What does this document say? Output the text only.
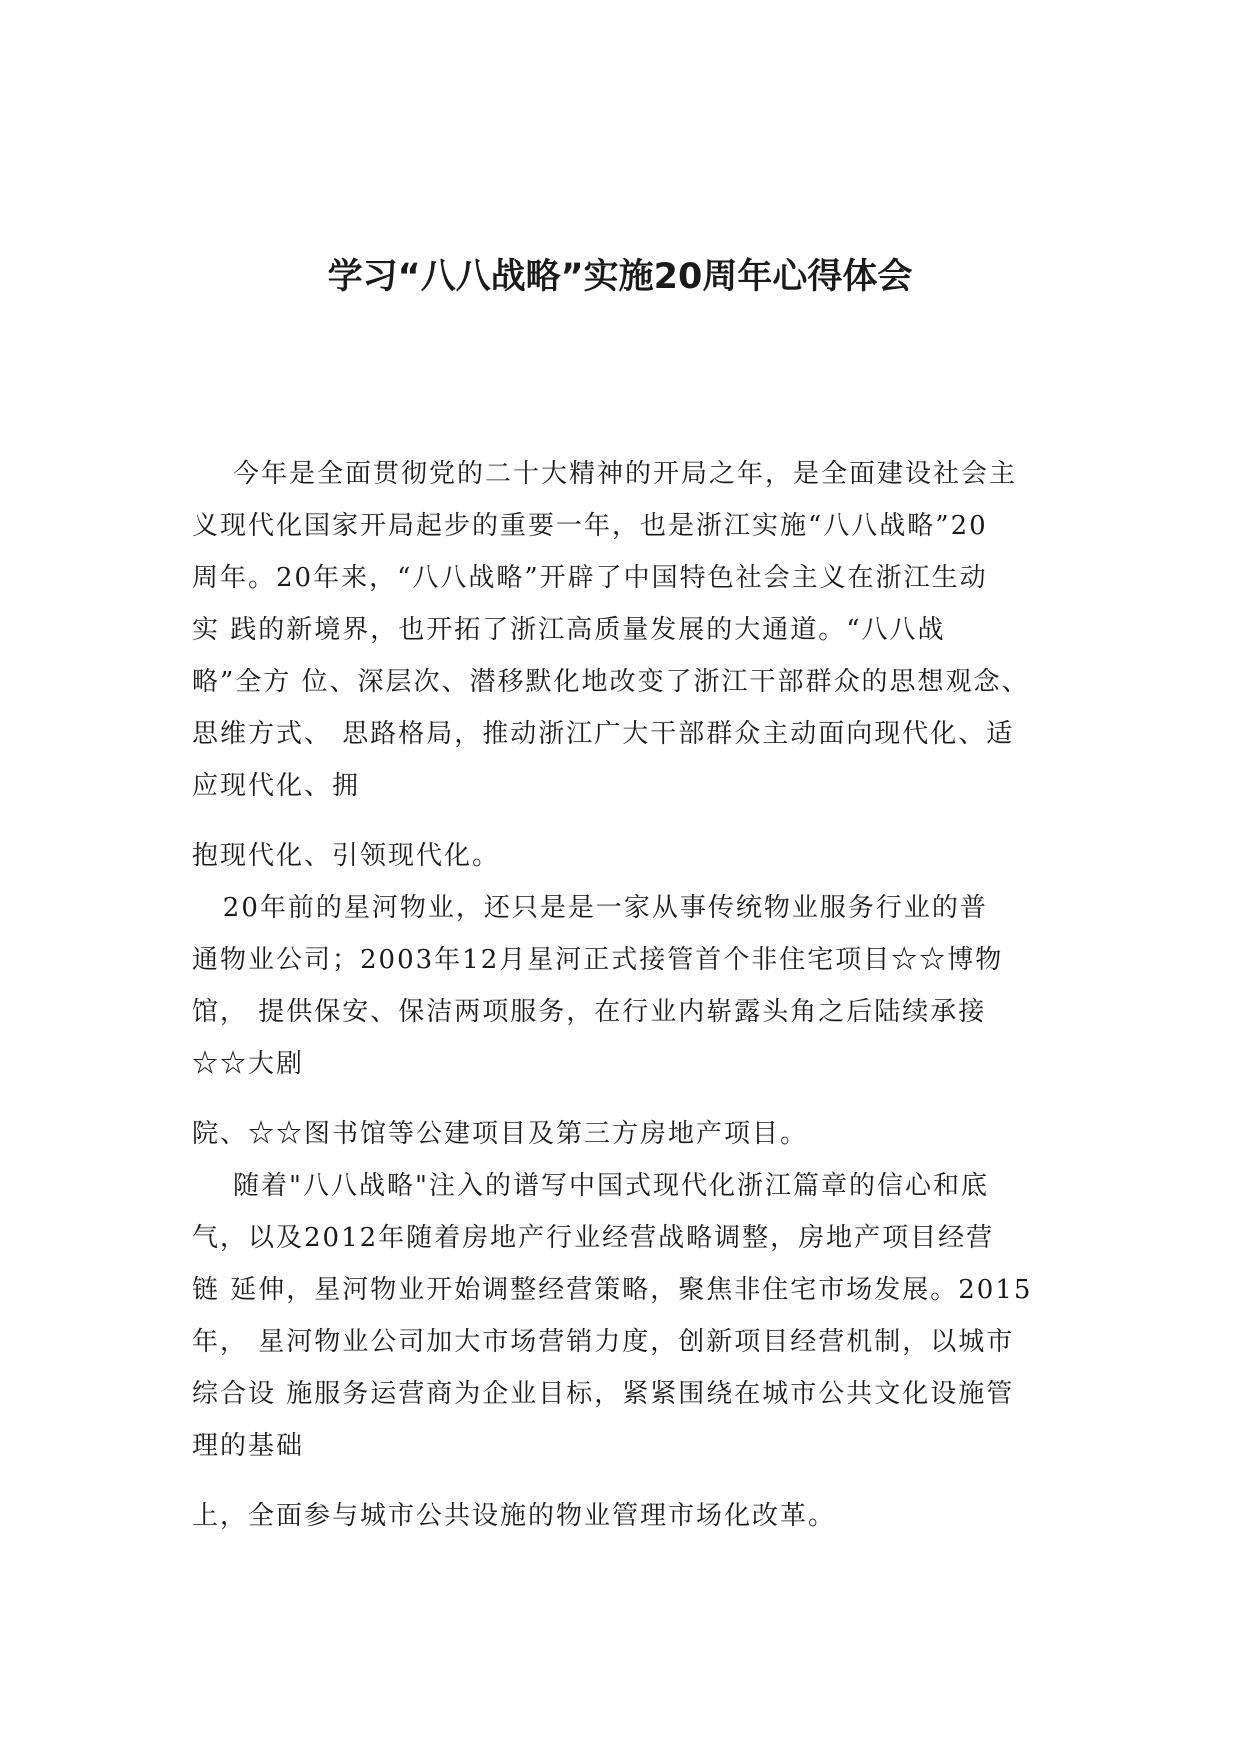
学习“八八战略”实施20周年心得体会
今年是全面贯彻党的二十大精神的开局之年，是全面建设社会主
义现代化国家开局起步的重要一年，也是浙江实施“八八战略”20
周年。20年来，“八八战略”开辟了中国特色社会主义在浙江生动
实 践的新境界，也开拓了浙江高质量发展的大通道。“八八战
略”全方 位、深层次、潜移默化地改变了浙江干部群众的思想观念、
思维方式、 思路格局，推动浙江广大干部群众主动面向现代化、适
应现代化、拥
抱现代化、引领现代化。
20年前的星河物业，还只是是一家从事传统物业服务行业的普
通物业公司；2003年12月星河正式接管首个非住宅项目☆☆博物
馆， 提供保安、保洁两项服务，在行业内崭露头角之后陆续承接
☆☆大剧
院、☆☆图书馆等公建项目及第三方房地产项目。
随着"八八战略"注入的谱写中国式现代化浙江篇章的信心和底
气，以及2012年随着房地产行业经营战略调整，房地产项目经营
链 延伸，星河物业开始调整经营策略，聚焦非住宅市场发展。2015
年， 星河物业公司加大市场营销力度，创新项目经营机制，以城市
综合设 施服务运营商为企业目标，紧紧围绕在城市公共文化设施管
理的基础
上，全面参与城市公共设施的物业管理市场化改革。
